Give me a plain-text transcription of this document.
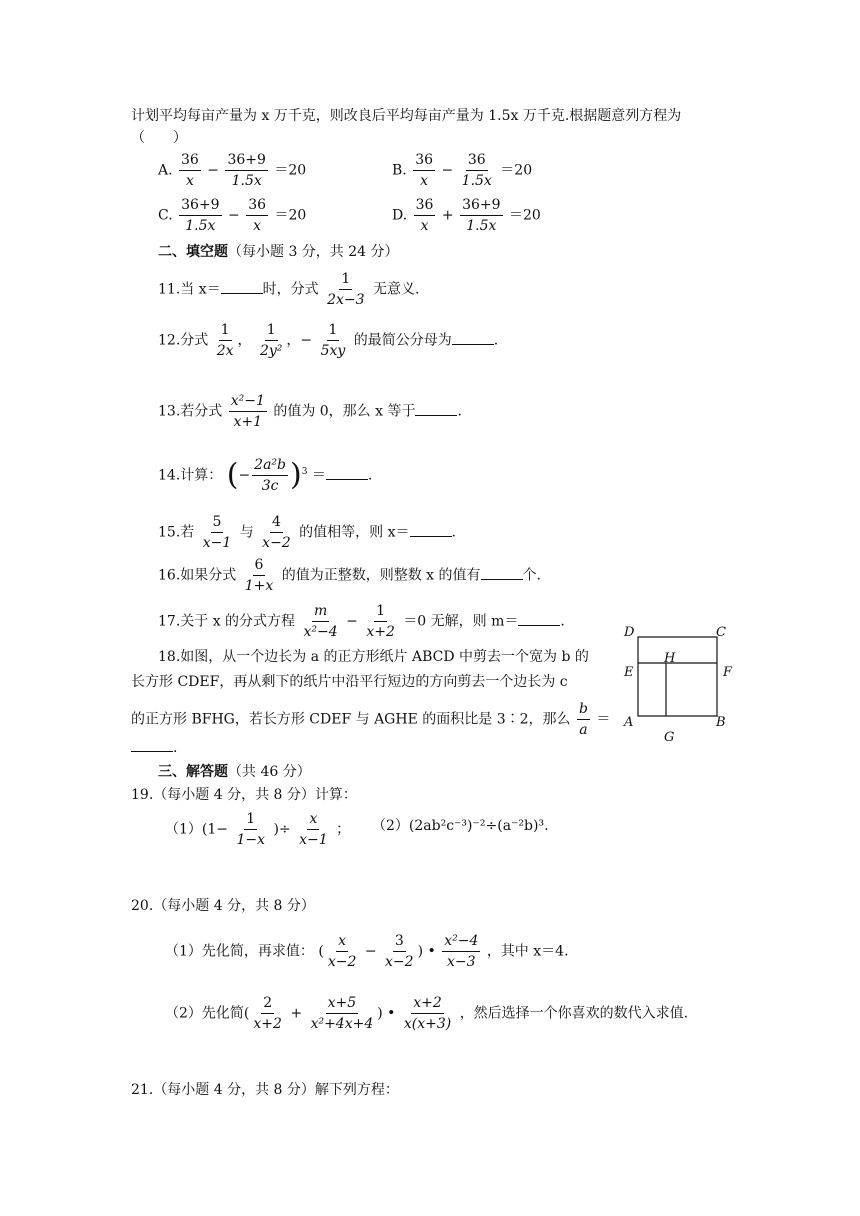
计划平均每亩产量为 x 万千克，则改良后平均每亩产量为 1.5x 万千克.根据题意列方程为
（　　）
A. $\frac{36}{x} - \frac{36+9}{1.5x} =20$	B. $\frac{36}{x} - \frac{36}{1.5x} =20$
C. $\frac{36+9}{1.5x} - \frac{36}{x} =20$	D. $\frac{36}{x} + \frac{36+9}{1.5x} =20$
二、填空题（每小题 3 分，共 24 分）
11.当 x＝	时，分式 $\frac{1}{2x-3}$ 无意义.
12.分式 $\frac{1}{2x}$ ， $\frac{1}{\text{2y²}}$ ，− $\frac{1}{5xy}$ 的最简公分母为	.
13.若分式 $\frac{\text{x²−1}}{x+1}$ 的值为 0，那么 x 等于	.
14.计算： (− $\frac{\text{2a²b}}{3c} )^3$ ＝	.
15.若 $\frac{5}{x-1}$ 与 $\frac{4}{x-2}$ 的值相等，则 x＝	.
16.如果分式 $\frac{6}{1+x}$ 的值为正整数，则整数 x 的值有	个.
17.关于 x 的分式方程 $\frac{m}{\text{x²−4}} - \frac{1}{x+2} =0$ 无解，则 m＝	.
18.如图，从一个边长为 a 的正方形纸片 ABCD 中剪去一个宽为 b 的
长方形 CDEF，再从剩下的纸片中沿平行短边的方向剪去一个边长为 c
的正方形 BFHG，若长方形 CDEF 与 AGHE 的面积比是 3∶2，那么 $\frac{b}{a}$ ＝
.
D	C
E
H
F
A	B
G
三、解答题（共 46 分）
19.（每小题 4 分，共 8 分）计算：
$(1)(1- \frac{1}{1-x}$ )÷ $\frac{x}{x-1}$ ； （2）(2ab²c⁻³)⁻²÷(a⁻²b)³.
20.（每小题 4 分，共 8 分）
（1）先化简，再求值： ( $\frac{x}{x-2} - \frac{3}{x-2}$ ) • $\frac{\text{x²−4}}{x-3}$ ，其中 x＝4.
（2）先化简( $\frac{2}{x+2} + \frac{x+5}{\text{x²+4x+4}}$ ) • $\frac{x+2}{x(x+3)}$ ，然后选择一个你喜欢的数代入求值.
21.（每小题 4 分，共 8 分）解下列方程：
